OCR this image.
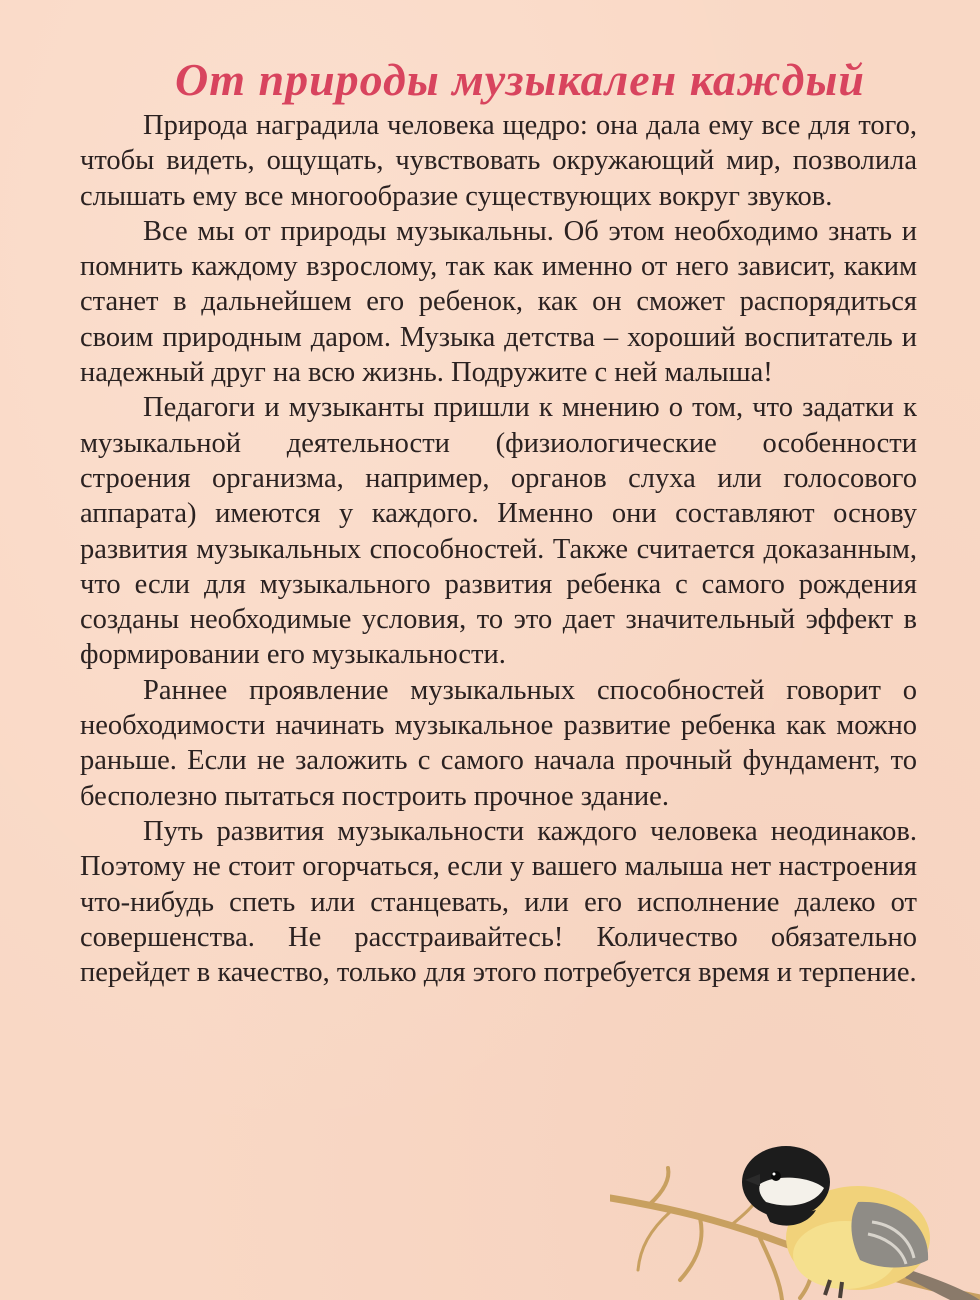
От природы музыкален каждый

Природа наградила человека щедро: она дала ему все для того, чтобы видеть, ощущать, чувствовать окружающий мир, позволила слышать ему все многообразие существующих вокруг звуков.

Все мы от природы музыкальны. Об этом необходимо знать и помнить каждому взрослому, так как именно от него зависит, каким станет в дальнейшем его ребенок, как он сможет распорядиться своим природным даром. Музыка детства – хороший воспитатель и надежный друг на всю жизнь. Подружите с ней малыша!

Педагоги и музыканты пришли к мнению о том, что задатки к музыкальной деятельности (физиологические особенности строения организма, например, органов слуха или голосового аппарата) имеются у каждого. Именно они составляют основу развития музыкальных способностей. Также считается доказанным, что если для музыкального развития ребенка с самого рождения созданы необходимые условия, то это дает значительный эффект в формировании его музыкальности.

Раннее проявление музыкальных способностей говорит о необходимости начинать музыкальное развитие ребенка как можно раньше. Если не заложить с самого начала прочный фундамент, то бесполезно пытаться построить прочное здание.

Путь развития музыкальности каждого человека неодинаков. Поэтому не стоит огорчаться, если у вашего малыша нет настроения что-нибудь спеть или станцевать, или его исполнение далеко от совершенства. Не расстраивайтесь! Количество обязательно перейдет в качество, только для этого потребуется время и терпение.
